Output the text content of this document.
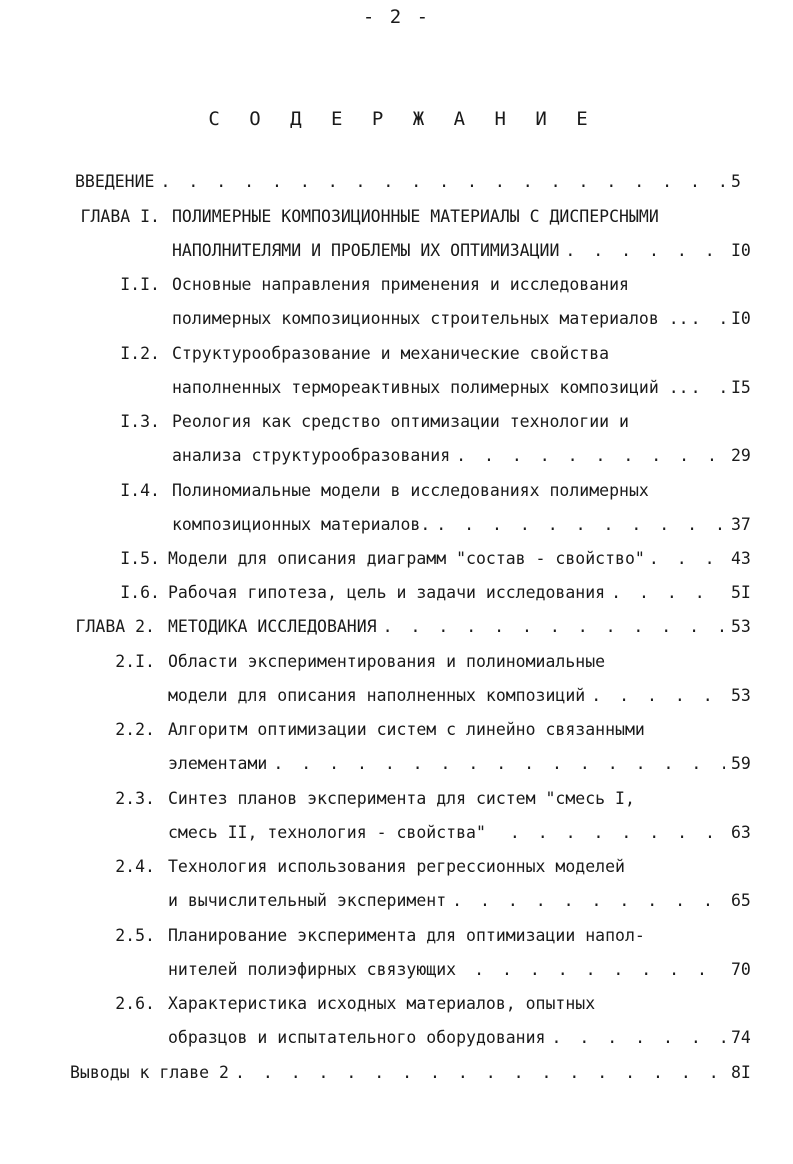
- 2 -
С О Д Е Р Ж А Н И Е
ВВЕДЕНИЕ . . .	5
ГЛАВА I. ПОЛИМЕРНЫЕ КОМПОЗИЦИОННЫЕ МАТЕРИАЛЫ С ДИСПЕРСНЫМИ
НАПОЛНИТЕЛЯМИ И ПРОБЛЕМЫ ИХ ОПТИМИЗАЦИИ . . .	I0
I.I. Основные направления применения и исследования
полимерных композиционных строительных материалов .. . . .	I0
I.2. Структурообразование и механические свойства
наполненных термореактивных полимерных композиций .. . . .	I5
I.3. Реология как средство оптимизации технологии и
анализа структурообразования . . .	29
I.4. Полиномиальные модели в исследованиях полимерных
композиционных материалов. . . .	37
I.5. Модели для описания диаграмм "состав - свойство" . . .	43
I.6. Рабочая гипотеза, цель и задачи исследования . . .	5I
ГЛАВА 2. МЕТОДИКА ИССЛЕДОВАНИЯ . . .	53
2.I. Области экспериментирования и полиномиальные
модели для описания наполненных композиций . . .	53
2.2. Алгоритм оптимизации систем с линейно связанными
элементами . . .	59
2.3. Синтез планов эксперимента для систем "смесь I,
смесь II, технология - свойства" . . .	63
2.4. Технология использования регрессионных моделей
и вычислительный эксперимент . . .	65
2.5. Планирование эксперимента для оптимизации напол-
нителей полиэфирных связующих . . .	70
2.6. Характеристика исходных материалов, опытных
образцов и испытательного оборудования . . .	74
Выводы к главе 2 . . .	8I
